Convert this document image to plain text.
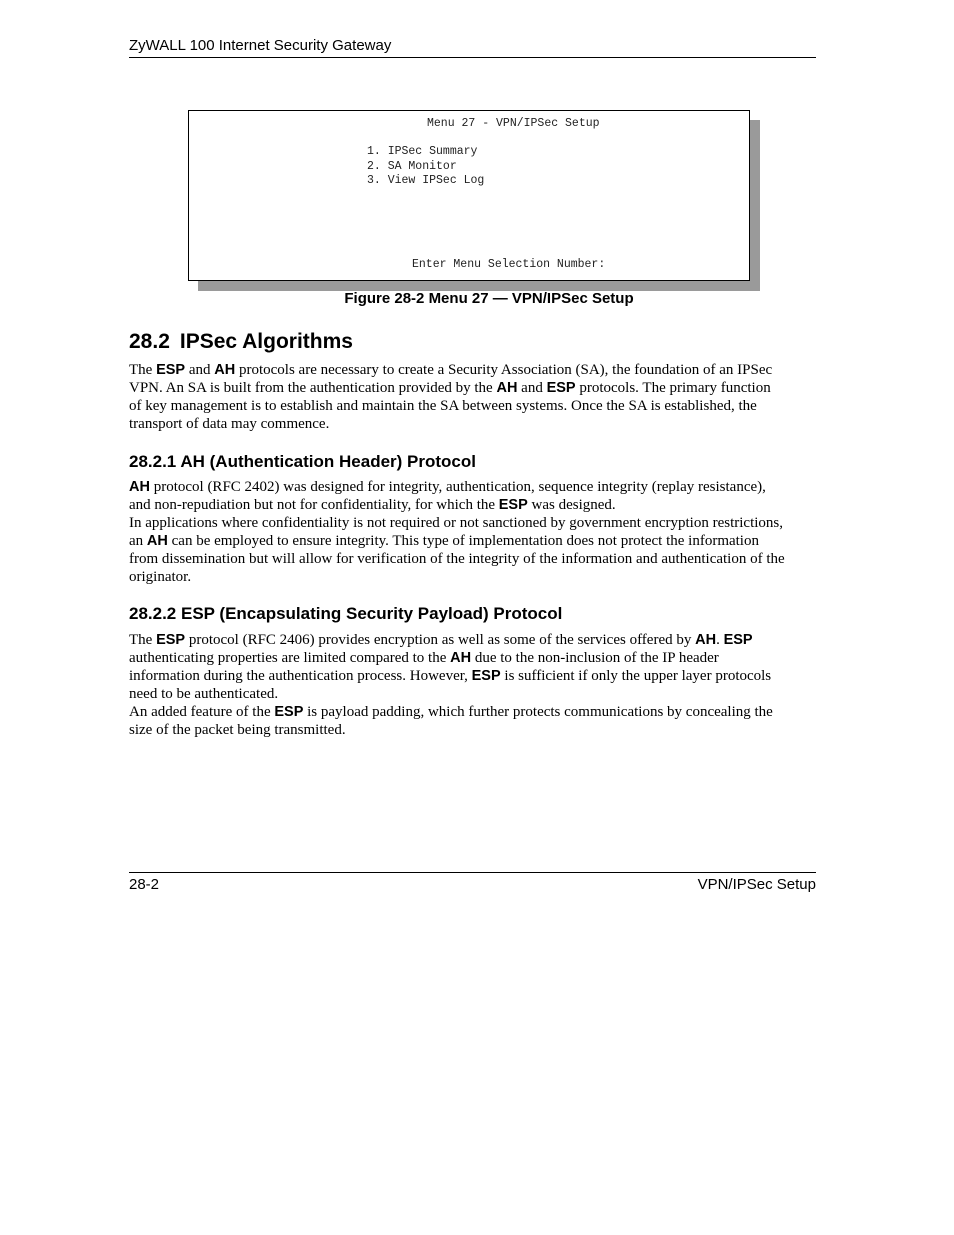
ZyWALL 100 Internet Security Gateway
Menu 27 - VPN/IPSec Setup
1. IPSec Summary
2. SA Monitor
3. View IPSec Log
Enter Menu Selection Number:
Figure 28-2 Menu 27 — VPN/IPSec Setup
28.2 IPSec Algorithms
The ESP and AH protocols are necessary to create a Security Association (SA), the foundation of an IPSec
VPN. An SA is built from the authentication provided by the AH and ESP protocols. The primary function
of key management is to establish and maintain the SA between systems. Once the SA is established, the
transport of data may commence.
28.2.1 AH (Authentication Header) Protocol
AH protocol (RFC 2402) was designed for integrity, authentication, sequence integrity (replay resistance),
and non-repudiation but not for confidentiality, for which the ESP was designed.
In applications where confidentiality is not required or not sanctioned by government encryption restrictions,
an AH can be employed to ensure integrity. This type of implementation does not protect the information
from dissemination but will allow for verification of the integrity of the information and authentication of the
originator.
28.2.2 ESP (Encapsulating Security Payload) Protocol
The ESP protocol (RFC 2406) provides encryption as well as some of the services offered by AH. ESP
authenticating properties are limited compared to the AH due to the non-inclusion of the IP header
information during the authentication process. However, ESP is sufficient if only the upper layer protocols
need to be authenticated.
An added feature of the ESP is payload padding, which further protects communications by concealing the
size of the packet being transmitted.
28-2	VPN/IPSec Setup
